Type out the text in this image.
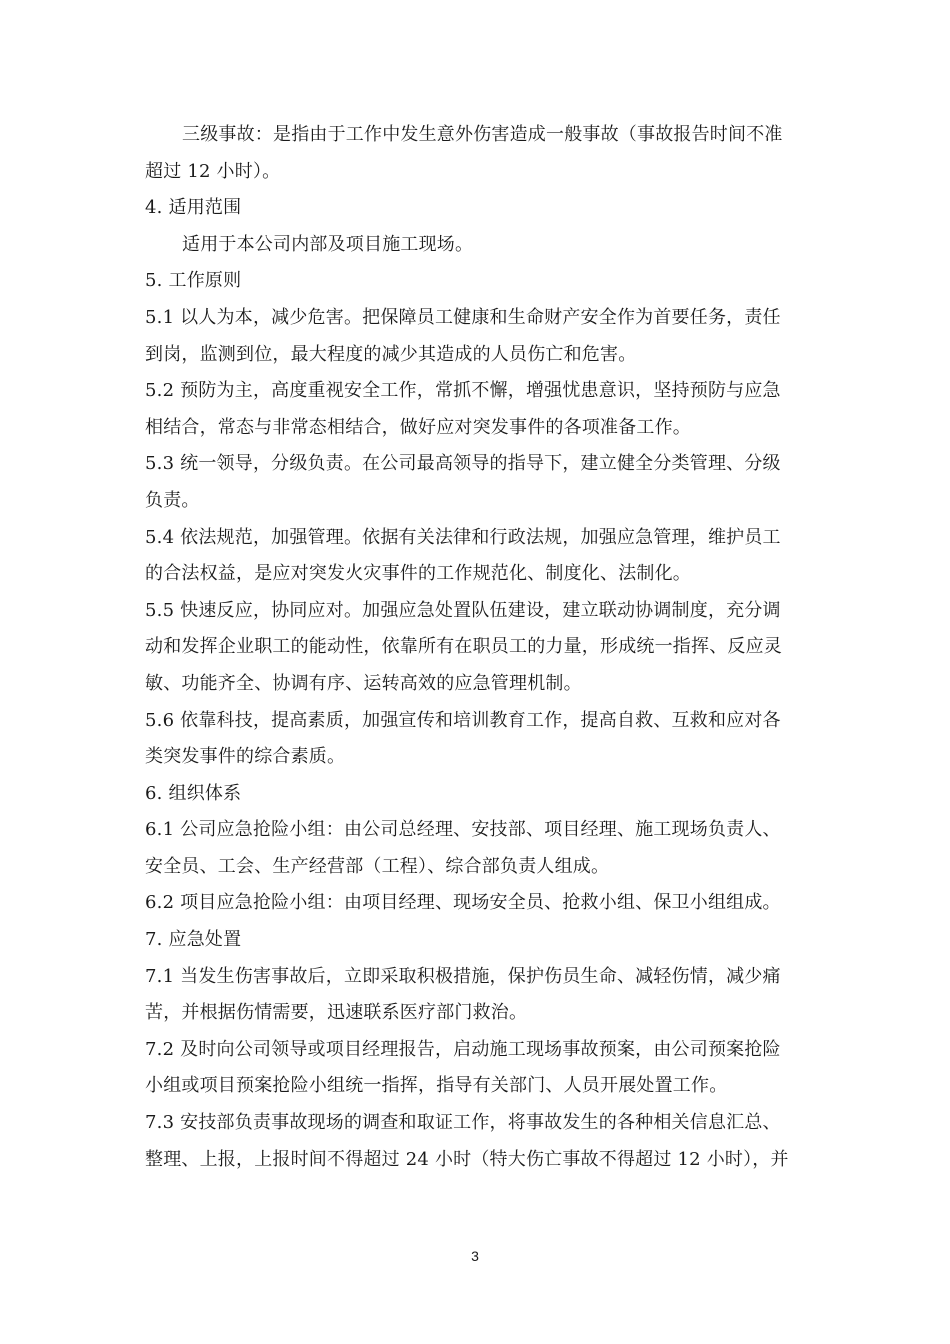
三级事故：是指由于工作中发生意外伤害造成一般事故（事故报告时间不准
超过 12 小时）。
4. 适用范围
适用于本公司内部及项目施工现场。
5. 工作原则
5.1 以人为本，减少危害。把保障员工健康和生命财产安全作为首要任务，责任
到岗，监测到位，最大程度的减少其造成的人员伤亡和危害。
5.2 预防为主，高度重视安全工作，常抓不懈，增强忧患意识，坚持预防与应急
相结合，常态与非常态相结合，做好应对突发事件的各项准备工作。
5.3 统一领导，分级负责。在公司最高领导的指导下，建立健全分类管理、分级
负责。
5.4 依法规范，加强管理。依据有关法律和行政法规，加强应急管理，维护员工
的合法权益，是应对突发火灾事件的工作规范化、制度化、法制化。
5.5 快速反应，协同应对。加强应急处置队伍建设，建立联动协调制度，充分调
动和发挥企业职工的能动性，依靠所有在职员工的力量，形成统一指挥、反应灵
敏、功能齐全、协调有序、运转高效的应急管理机制。
5.6 依靠科技，提高素质，加强宣传和培训教育工作，提高自救、互救和应对各
类突发事件的综合素质。
6. 组织体系
6.1 公司应急抢险小组：由公司总经理、安技部、项目经理、施工现场负责人、
安全员、工会、生产经营部（工程）、综合部负责人组成。
6.2 项目应急抢险小组：由项目经理、现场安全员、抢救小组、保卫小组组成。
7. 应急处置
7.1 当发生伤害事故后，立即采取积极措施，保护伤员生命、减轻伤情，减少痛
苦，并根据伤情需要，迅速联系医疗部门救治。
7.2 及时向公司领导或项目经理报告，启动施工现场事故预案，由公司预案抢险
小组或项目预案抢险小组统一指挥，指导有关部门、人员开展处置工作。
7.3 安技部负责事故现场的调查和取证工作，将事故发生的各种相关信息汇总、
整理、上报，上报时间不得超过 24 小时（特大伤亡事故不得超过 12 小时），并
3
